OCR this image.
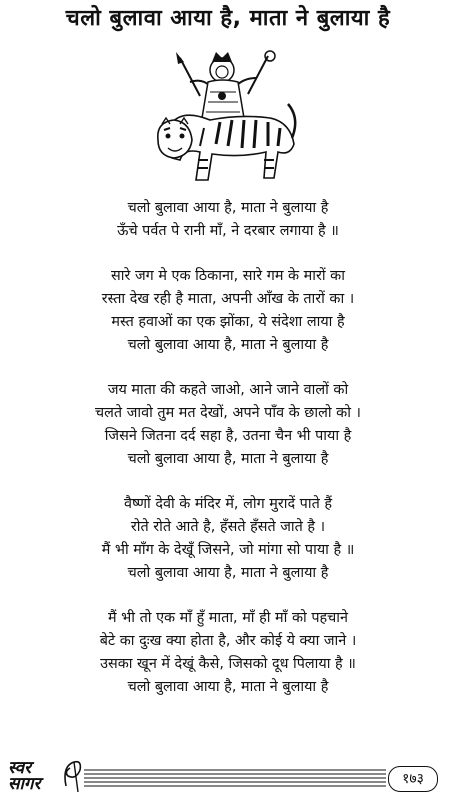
चलो बुलावा आया है, माता ने बुलाया है
चलो बुलावा आया है, माता ने बुलाया है
ऊँचे पर्वत पे रानी माँ, ने दरबार लगाया है ॥
सारे जग मे एक ठिकाना, सारे गम के मारों का
रस्ता देख रही है माता, अपनी आँख के तारों का ।
मस्त हवाओं का एक झोंका, ये संदेशा लाया है
चलो बुलावा आया है, माता ने बुलाया है
जय माता की कहते जाओ, आने जाने वालों को
चलते जावो तुम मत देखों, अपने पाँव के छालो को ।
जिसने जितना दर्द सहा है, उतना चैन भी पाया है
चलो बुलावा आया है, माता ने बुलाया है
वैष्णों देवी के मंदिर में, लोग मुरादें पाते हैं
रोते रोते आते है, हँसते हँसते जाते है ।
मैं भी माँग के देखूँ जिसने, जो मांगा सो पाया है ॥
चलो बुलावा आया है, माता ने बुलाया है
मैं भी तो एक माँ हुँ माता, माँ ही माँ को पहचाने
बेटे का दुःख क्या होता है, और कोई ये क्या जाने ।
उसका खून में देखूं कैसे, जिसको दूध पिलाया है ॥
चलो बुलावा आया है, माता ने बुलाया है
स्वर
सागर	१७३
